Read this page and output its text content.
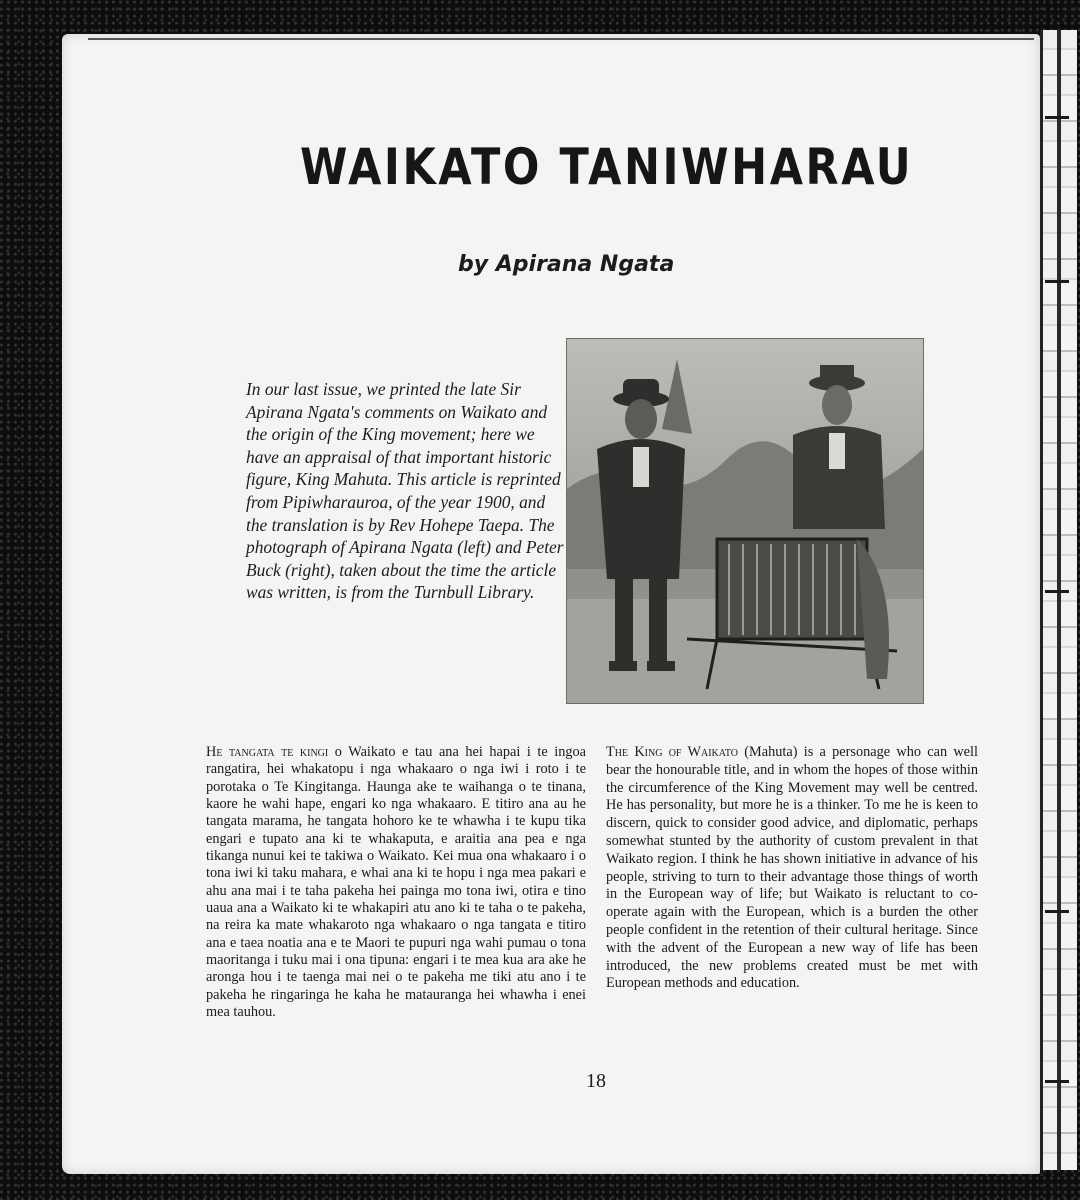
WAIKATO TANIWHARAU
by Apirana Ngata

In our last issue, we printed the late Sir Apirana Ngata's comments on Waikato and the origin of the King movement; here we have an appraisal of that important historic figure, King Mahuta. This article is reprinted from Pipiwharauroa, of the year 1900, and the translation is by Rev Hohepe Taepa. The photograph of Apirana Ngata (left) and Peter Buck (right), taken about the time the article was written, is from the Turnbull Library.

He tangata te kingi o Waikato e tau ana hei hapai i te ingoa rangatira, hei whakatopu i nga whakaaro o nga iwi i roto i te porotaka o Te Kingitanga. Haunga ake te waihanga o te tinana, kaore he wahi hape, engari ko nga whakaaro. E titiro ana au he tangata marama, he tangata hohoro ke te whawha i te kupu tika engari e tupato ana ki te whakaputa, e araitia ana pea e nga tikanga nunui kei te takiwa o Waikato. Kei mua ona whakaaro i o tona iwi ki taku mahara, e whai ana ki te hopu i nga mea pakari e ahu ana mai i te taha pakeha hei painga mo tona iwi, otira e tino uaua ana a Waikato ki te whakapiri atu ano ki te taha o te pakeha, na reira ka mate whakaroto nga whakaaro o nga tangata e titiro ana e taea noatia ana e te Maori te pupuri nga wahi pumau o tona maoritanga i tuku mai i ona tipuna: engari i te mea kua ara ake he aronga hou i te taenga mai nei o te pakeha me tiki atu ano i te pakeha he ringaringa he kaha he matauranga hei whawha i enei mea tauhou.

The King of Waikato (Mahuta) is a personage who can well bear the honourable title, and in whom the hopes of those within the circumference of the King Movement may well be centred. He has personality, but more he is a thinker. To me he is keen to discern, quick to consider good advice, and diplomatic, perhaps somewhat stunted by the authority of custom prevalent in that Waikato region. I think he has shown initiative in advance of his people, striving to turn to their advantage those things of worth in the European way of life; but Waikato is reluctant to co-operate again with the European, which is a burden the other people confident in the retention of their cultural heritage. Since with the advent of the European a new way of life has been introduced, the new problems created must be met with European methods and education.

18
